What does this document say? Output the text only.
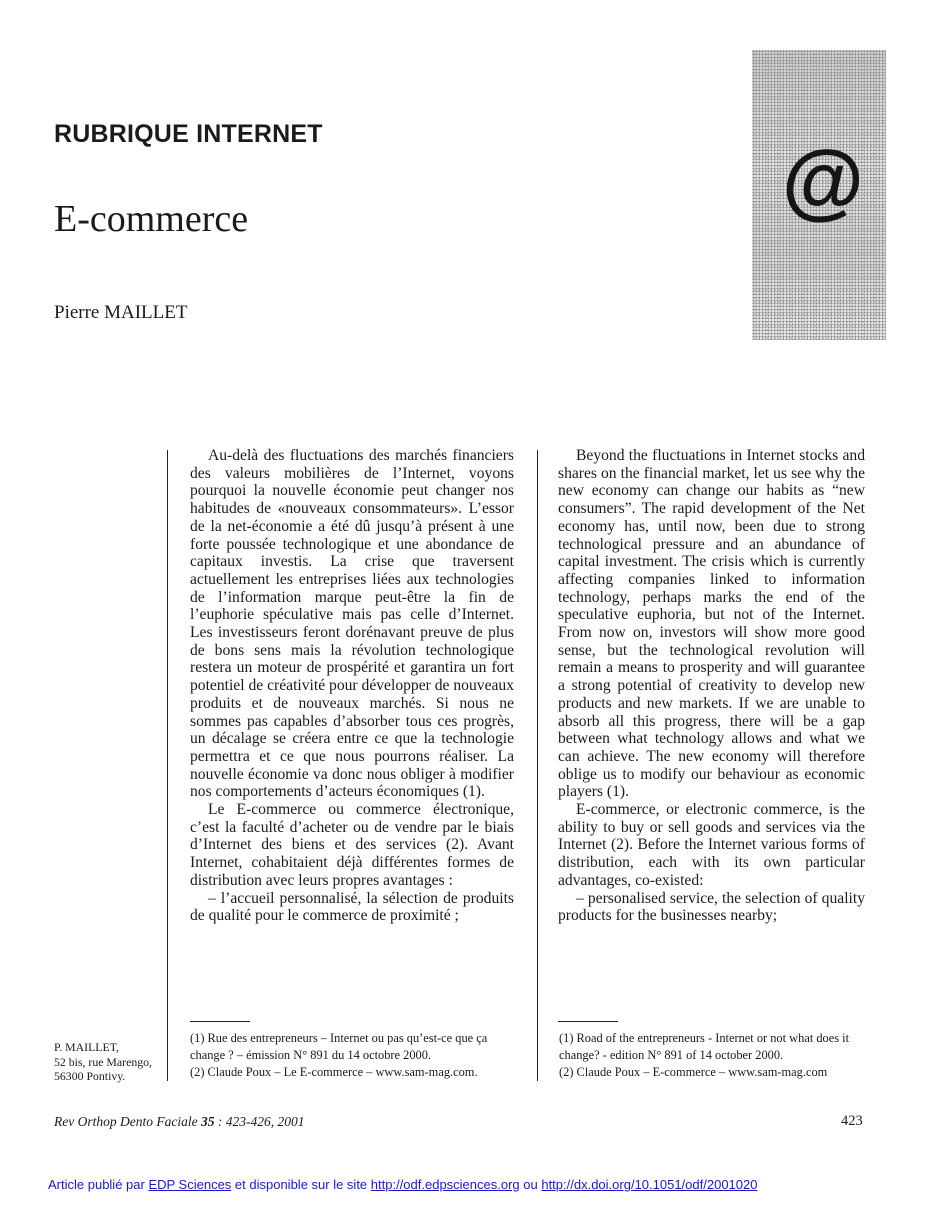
RUBRIQUE INTERNET
E-commerce
Pierre MAILLET
@

Au-delà des fluctuations des marchés financiers des valeurs mobilières de l’Internet, voyons pourquoi la nouvelle économie peut changer nos habitudes de «nouveaux consommateurs». L’essor de la net-économie a été dû jusqu’à présent à une forte poussée technologique et une abondance de capitaux investis. La crise que traversent actuellement les entreprises liées aux technologies de l’information marque peut-être la fin de l’euphorie spéculative mais pas celle d’Internet. Les investisseurs feront dorénavant preuve de plus de bons sens mais la révolution technologique restera un moteur de prospérité et garantira un fort potentiel de créativité pour développer de nouveaux produits et de nouveaux marchés. Si nous ne sommes pas capables d’absorber tous ces progrès, un décalage se créera entre ce que la technologie permettra et ce que nous pourrons réaliser. La nouvelle économie va donc nous obliger à modifier nos comportements d’acteurs économiques (1).

Le E-commerce ou commerce électronique, c’est la faculté d’acheter ou de vendre par le biais d’Internet des biens et des services (2). Avant Internet, cohabitaient déjà différentes formes de distribution avec leurs propres avantages :

– l’accueil personnalisé, la sélection de produits de qualité pour le commerce de proximité ;

Beyond the fluctuations in Internet stocks and shares on the financial market, let us see why the new economy can change our habits as “new consumers”. The rapid development of the Net economy has, until now, been due to strong technological pressure and an abundance of capital investment. The crisis which is currently affecting companies linked to information technology, perhaps marks the end of the speculative euphoria, but not of the Internet. From now on, investors will show more good sense, but the technological revolution will remain a means to prosperity and will guarantee a strong potential of creativity to develop new products and new markets. If we are unable to absorb all this progress, there will be a gap between what technology allows and what we can achieve. The new economy will therefore oblige us to modify our behaviour as economic players (1).

E-commerce, or electronic commerce, is the ability to buy or sell goods and services via the Internet (2). Before the Internet various forms of distribution, each with its own particular advantages, co-existed:

– personalised service, the selection of quality products for the businesses nearby;

(1) Rue des entrepreneurs – Internet ou pas qu’est-ce que ça change ? – émission N° 891 du 14 octobre 2000.
(2) Claude Poux – Le E-commerce – www.sam-mag.com.
(1) Road of the entrepreneurs - Internet or not what does it change? - edition N° 891 of 14 october 2000.
(2) Claude Poux – E-commerce – www.sam-mag.com
P. MAILLET,
52 bis, rue Marengo,
56300 Pontivy.
Rev Orthop Dento Faciale 35 : 423-426, 2001	423
Article publié par EDP Sciences et disponible sur le site http://odf.edpsciences.org ou http://dx.doi.org/10.1051/odf/2001020
